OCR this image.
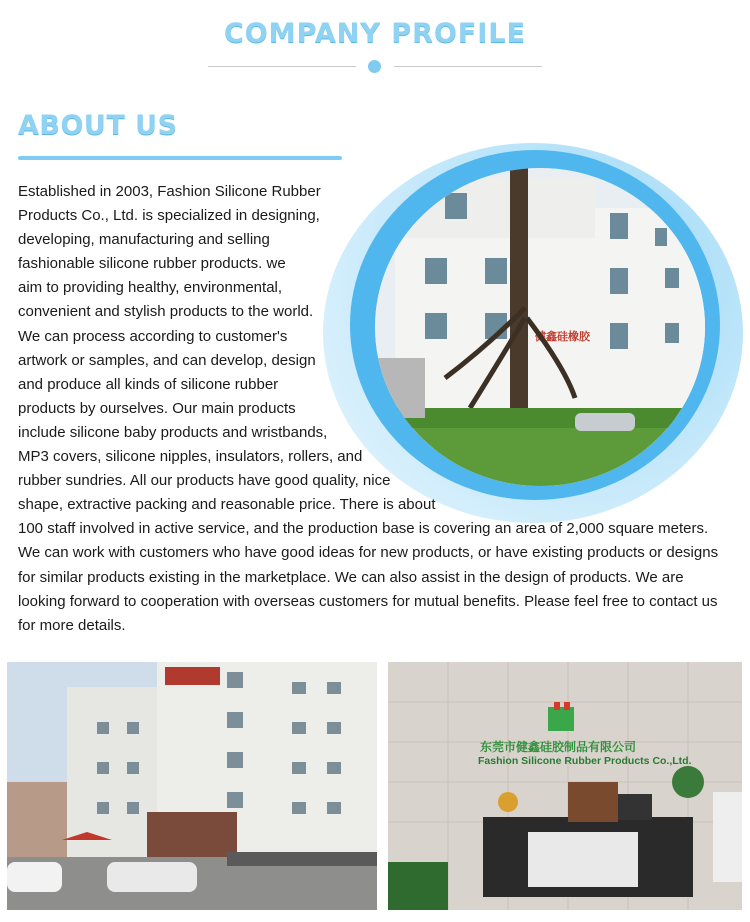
COMPANY PROFILE
ABOUT US
健鑫硅橡胶
Established in 2003, Fashion Silicone Rubber
Products Co., Ltd. is specialized in designing,
developing, manufacturing and selling
fashionable silicone rubber products. we
aim to providing healthy, environmental,
convenient and stylish products to the world.
We can process according to customer's
artwork or samples, and can develop, design
and produce all kinds of silicone rubber
products by ourselves. Our main products
include silicone baby products and wristbands,
MP3 covers, silicone nipples, insulators, rollers, and
rubber sundries. All our products have good quality, nice
shape, extractive packing and reasonable price. There is about
100 staff involved in active service, and the production base is covering an area of 2,000 square meters.
We can work with customers who have good ideas for new products, or have existing products or designs
for similar products existing in the marketplace. We can also assist in the design of products. We are
looking forward to cooperation with overseas customers for mutual benefits. Please feel free to contact us
for more details.
东莞市健鑫硅胶制品有限公司
Fashion Silicone Rubber Products Co.,Ltd.
